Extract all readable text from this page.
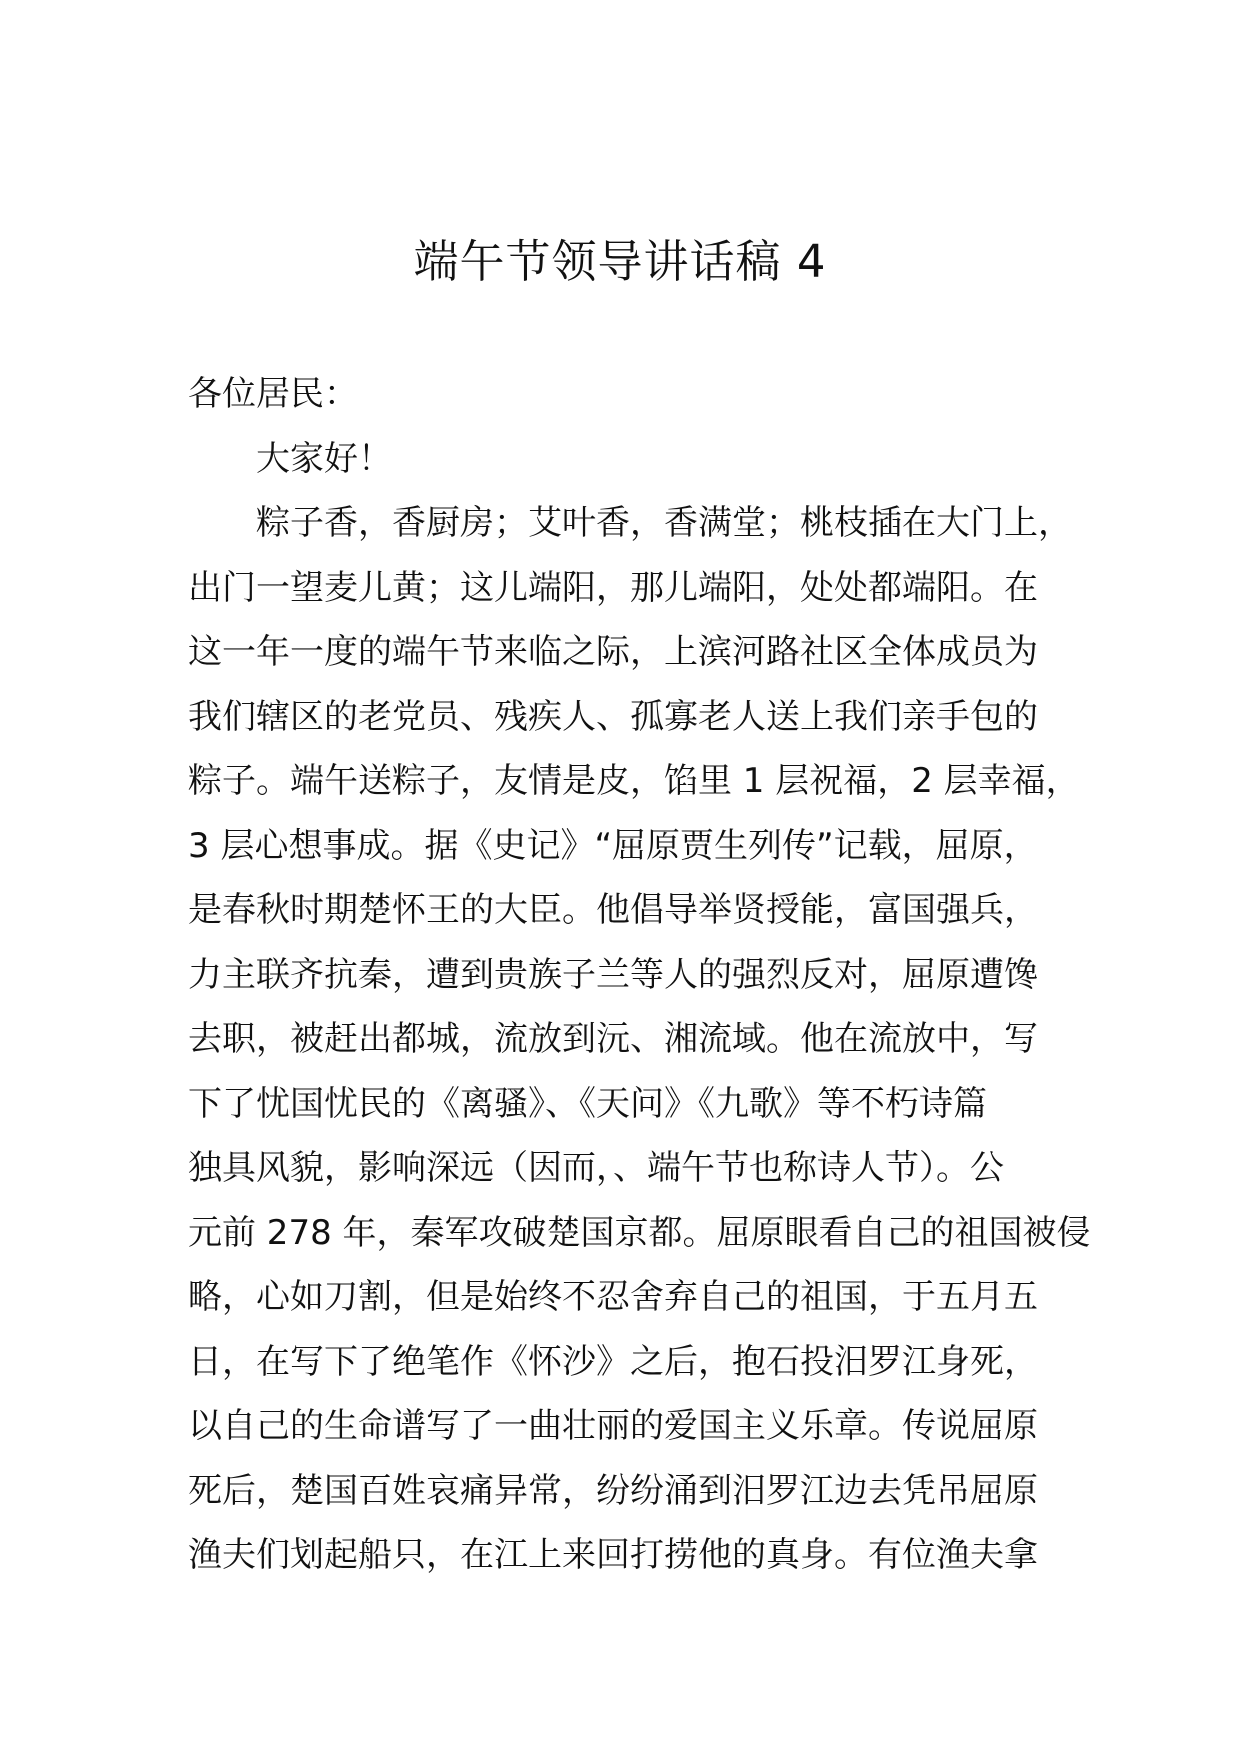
端午节领导讲话稿 4
各位居民：
大家好！
粽子香，香厨房；艾叶香，香满堂；桃枝插在大门上，
出门一望麦儿黄；这儿端阳，那儿端阳，处处都端阳。在
这一年一度的端午节来临之际，上滨河路社区全体成员为
我们辖区的老党员、残疾人、孤寡老人送上我们亲手包的
粽子。端午送粽子，友情是皮，馅里 1 层祝福，2 层幸福，
3 层心想事成。据《史记》“屈原贾生列传”记载，屈原，
是春秋时期楚怀王的大臣。他倡导举贤授能，富国强兵，
力主联齐抗秦，遭到贵族子兰等人的强烈反对，屈原遭馋
去职，被赶出都城，流放到沅、湘流域。他在流放中，写
下了忧国忧民的《离骚》、《天问》《九歌》等不朽诗篇
独具风貌，影响深远（因而，、端午节也称诗人节）。公
元前 278 年，秦军攻破楚国京都。屈原眼看自己的祖国被侵
略，心如刀割，但是始终不忍舍弃自己的祖国，于五月五
日，在写下了绝笔作《怀沙》之后，抱石投汨罗江身死，
以自己的生命谱写了一曲壮丽的爱国主义乐章。传说屈原
死后，楚国百姓哀痛异常，纷纷涌到汨罗江边去凭吊屈原
渔夫们划起船只，在江上来回打捞他的真身。有位渔夫拿
